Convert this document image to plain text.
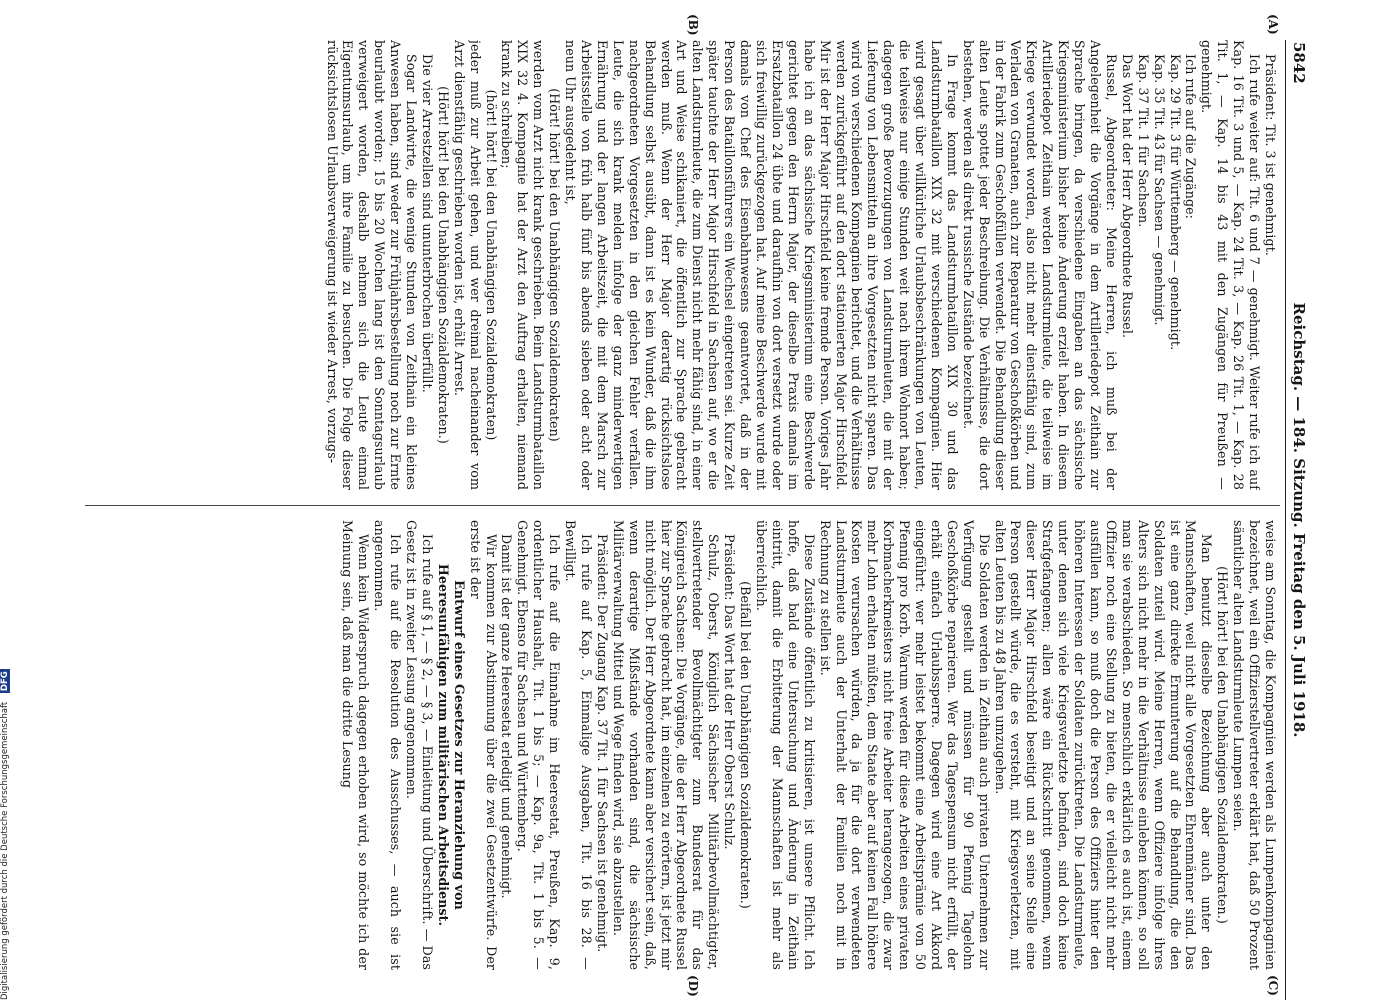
5842
Reichstag. — 184. Sitzung. Freitag den 5. Juli 1918.
(A)
(B)
(C)
(D)

Präsident: Tit. 3 ist genehmigt.

Ich rufe weiter auf: Tit. 6 und 7 — genehmigt. Weiter rufe ich auf Kap. 16 Tit. 3 und 5, — Kap. 24 Tit. 3, — Kap. 26 Tit. 1, — Kap. 28 Tit. 1, — Kap. 14 bis 43 mit den Zugängen für Preußen — genehmigt.

Ich rufe auf die Zugänge:

Kap. 29 Tit. 3 für Württemberg — genehmigt.

Kap. 35 Tit. 43 für Sachsen — genehmigt.

Kap. 37 Tit. 1 für Sachsen.

Das Wort hat der Herr Abgeordnete Russel.

Russel, Abgeordneter: Meine Herren, ich muß bei der Angelegenheit die Vorgänge in dem Artilleriedepot Zeithain zur Sprache bringen, da verschiedene Eingaben an das sächsische Kriegsministerium bisher keine Änderung erzielt haben. In diesem Artilleriedepot Zeithain werden Landsturmleute, die teilweise im Kriege verwundet worden, also nicht mehr dienstfähig sind, zum Verladen von Granaten, auch zur Reparatur von Geschoßkörben und in der Fabrik zum Geschoßfüllen verwendet. Die Behandlung dieser alten Leute spottet jeder Beschreibung. Die Verhältnisse, die dort bestehen, werden als direkt russische Zustände bezeichnet.

In Frage kommt das Landsturmbataillon XIX 30 und das Landsturmbataillon XIX 32 mit verschiedenen Kompagnien. Hier wird gesagt über willkürliche Urlaubsbeschränkungen von Leuten, die teilweise nur einige Stunden weit nach ihrem Wohnort haben; dagegen große Bevorzugungen von Landsturmleuten, die mit der Lieferung von Lebensmitteln an ihre Vorgesetzten nicht sparen. Das wird von verschiedenen Kompagnien berichtet, und die Verhältnisse werden zurückgeführt auf den dort stationierten Major Hirschfeld. Mir ist der Herr Major Hirschfeld keine fremde Person. Voriges Jahr habe ich an das sächsische Kriegsministerium eine Beschwerde gerichtet gegen den Herrn Major, der dieselbe Praxis damals im Ersatzbataillon 24 übte und daraufhin von dort versetzt wurde oder sich freiwillig zurückgezogen hat. Auf meine Beschwerde wurde mit damals von Chef des Eisenbahnwesens geantwortet, daß in der Person des Bataillonsführers ein Wechsel eingetreten sei. Kurze Zeit später tauchte der Herr Major Hirschfeld in Sachsen auf, wo er die alten Landsturmleute, die zum Dienst nicht mehr fähig sind, in einer Art und Weise schikaniert, die öffentlich zur Sprache gebracht werden muß. Wenn der Herr Major derartig rücksichtslose Behandlung selbst ausübt, dann ist es kein Wunder, daß die ihm nachgeordneten Vorgesetzten in den gleichen Fehler verfallen. Leute, die sich krank melden infolge der ganz minderwertigen Ernährung und der langen Arbeitszeit, die mit dem Marsch zur Arbeitsstelle von früh halb fünf bis abends sieben oder acht oder neun Uhr ausgedehnt ist,

(Hört! hört! bei den Unabhängigen Sozialdemokraten)

werden vom Arzt nicht krank geschrieben. Beim Landsturmbataillon XIX 32 4. Kompagnie hat der Arzt den Auftrag erhalten, niemand krank zu schreiben;

(hört! hört! bei den Unabhängigen Sozialdemokraten)

jeder muß zur Arbeit gehen, und wer dreimal nacheinander vom Arzt dienstfähig geschrieben worden ist, erhält Arrest.

(Hört! hört! bei den Unabhängigen Sozialdemokraten.)

Die vier Arrestzellen sind ununterbrochen überfüllt.

Sogar Landwirte, die wenige Stunden von Zeithain ein kleines Anwesen haben, sind weder zur Frühjahrsbestellung noch zur Ernte beurlaubt worden; 15 bis 20 Wochen lang ist den Sonntagsurlaub verweigert worden, deshalb nehmen sich die Leute einmal Eigentumsurlaub, um ihre Familie zu besuchen. Die Folge dieser rücksichtslosen Urlaubsverweigerung ist wieder Arrest, vorzugs-

weise am Sonntag, die Kompagnien werden als Lumpenkompagnien bezeichnet, weil ein Offizierstellvertreter erklärt hat, daß 50 Prozent sämtlicher alten Landsturmleute Lumpen seien.

(Hört! hört! bei den Unabhängigen Sozialdemokraten.)

Man benutzt dieselbe Bezeichnung aber auch unter den Mannschaften, weil nicht alle Vorgesetzten Ehrenmänner sind. Das ist eine ganz direkte Ermunterung auf die Behandlung, die den Soldaten zuteil wird. Meine Herren, wenn Offiziere infolge ihres Alters sich nicht mehr in die Verhältnisse einleben können, so soll man sie verabschieden. So menschlich erklärlich es auch ist, einem Offizier noch eine Stellung zu bieten, die er vielleicht nicht mehr ausfüllen kann, so muß doch die Person des Offiziers hinter den höheren Interessen der Soldaten zurücktreten. Die Landsturmleute, unter denen sich viele Kriegsverletzte befinden, sind doch keine Strafgefangenen; allen wäre ein Rückschritt genommen, wenn dieser Herr Major Hirschfeld beseitigt und an seine Stelle eine Person gestellt würde, die es versteht, mit Kriegsverletzten, mit alten Leuten bis zu 48 Jahren umzugehen.

Die Soldaten werden in Zeithain auch privaten Unternehmen zur Verfügung gestellt und müssen für 90 Pfennig Tagelohn Geschoßkörbe reparieren. Wer das Tagespensum nicht erfüllt, der erhält einfach Urlaubssperre. Dagegen wird eine Art Akkord eingeführt: wer mehr leistet bekommt eine Arbeitsprämie von 50 Pfennig pro Korb. Warum werden für diese Arbeiten eines privaten Korbmacherkmeisters nicht freie Arbeiter herangezogen, die zwar mehr Lohn erhalten müßten, dem Staate aber auf keinen Fall höhere Kosten verursachen würden, da ja für die dort verwendeten Landsturmleute auch der Unterhalt der Familien noch mit in Rechnung zu stellen ist.

Diese Zustände öffentlich zu kritisieren, ist unsere Pflicht. Ich hoffe, daß bald eine Untersuchung und Änderung in Zeithain eintritt, damit die Erbitterung der Mannschaften ist mehr als überreichlich.

(Beifall bei den Unabhängigen Sozialdemokraten.)

Präsident: Das Wort hat der Herr Oberst Schulz.

Schulz, Oberst, Königlich Sächsischer Militärbevollmächtigter, stellvertretender Bevollmächtigter zum Bundesrat für das Königreich Sachsen: Die Vorgänge, die der Herr Abgeordnete Russel hier zur Sprache gebracht hat, im einzelnen zu erörtern, ist jetzt mir nicht möglich. Der Herr Abgeordnete kann aber versichert sein, daß, wenn derartige Mißstände vorhanden sind, die sächsische Militärverwaltung Mittel und Wege finden wird, sie abzustellen.

Präsident: Der Zugang Kap. 37 Tit. 1 für Sachsen ist genehmigt.

Ich rufe auf Kap. 5, Einmalige Ausgaben, Tit. 16 bis 28. — Bewilligt.

Ich rufe auf die Einnahme im Heeresetat, Preußen, Kap. 9, ordentlicher Haushalt, Tit. 1 bis 5; — Kap. 9a, Tit. 1 bis 5. — Genehmigt. Ebenso für Sachsen und Württemberg.

Damit ist der ganze Heeresetat erledigt und genehmigt.

Wir kommen zur Abstimmung über die zwei Gesetzentwürfe. Der erste ist der

Entwurf eines Gesetzes zur Heranziehung von Heeresunfähigen zum militärischen Arbeitsdienst.

Ich rufe auf § 1, — § 2, — § 3, — Einleitung und Überschrift. — Das Gesetz ist in zweiter Lesung angenommen.

Ich rufe auf die Resolution des Ausschusses, — auch sie ist angenommen.

Wenn kein Widerspruch dagegen erhoben wird, so möchte ich der Meinung sein, daß man die dritte Lesung

Digitalisierung gefördert durch die Deutsche Forschungsgemeinschaft DFG
